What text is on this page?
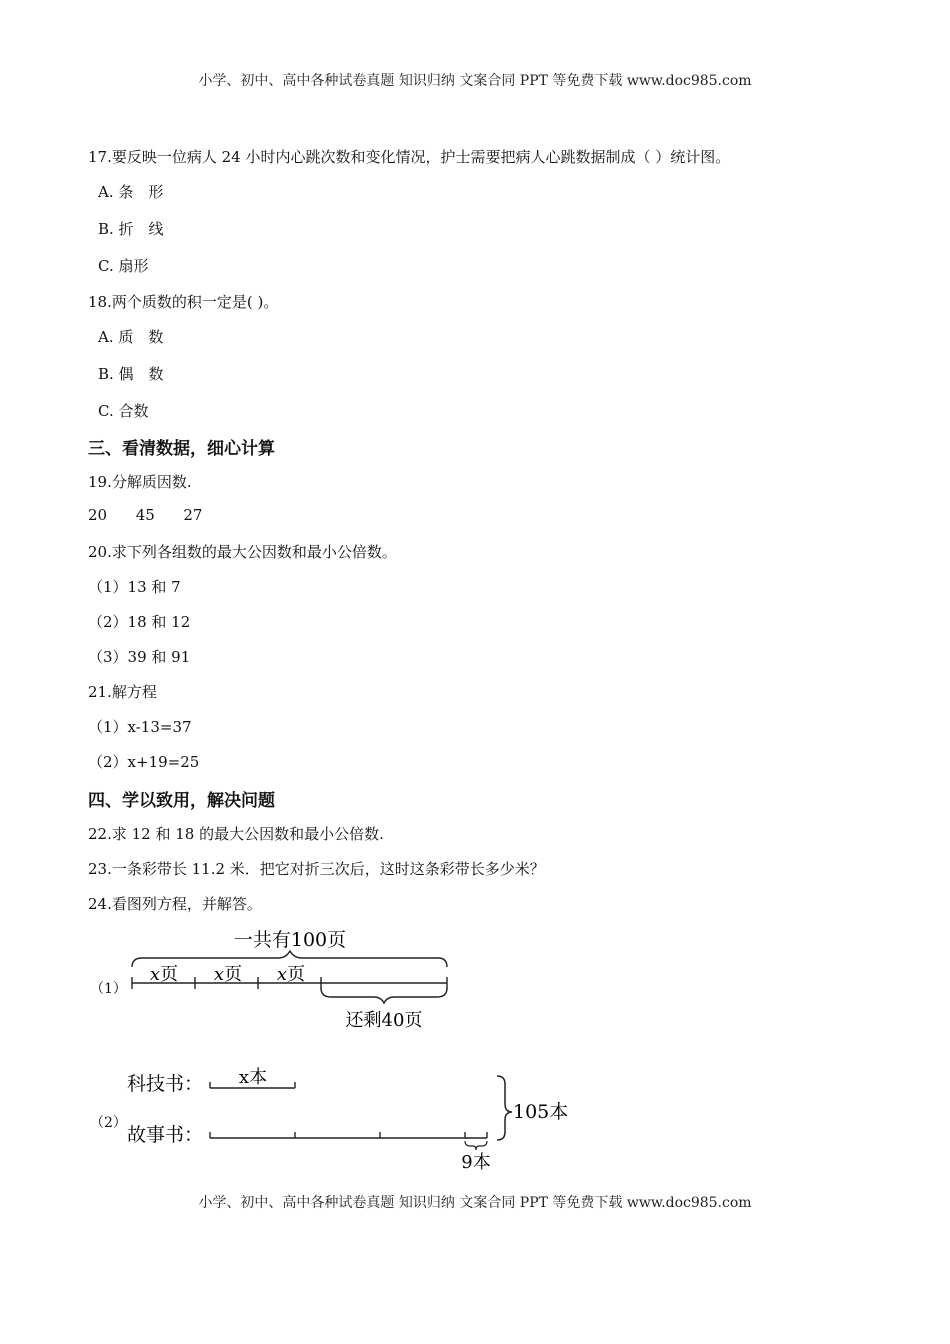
小学、初中、高中各种试卷真题 知识归纳 文案合同 PPT 等免费下载 www.doc985.com
17.要反映一位病人 24 小时内心跳次数和变化情况，护士需要把病人心跳数据制成（ ）统计图。
A. 条　形
B. 折　线
C. 扇形
18.两个质数的积一定是( )。
A. 质　数
B. 偶　数
C. 合数
三、看清数据，细心计算
19.分解质因数.
20      45      27
20.求下列各组数的最大公因数和最小公倍数。
（1）13 和 7
（2）18 和 12
（3）39 和 91
21.解方程
（1）x-13=37
（2）x+19=25
四、学以致用，解决问题
22.求 12 和 18 的最大公因数和最小公倍数.
23.一条彩带长 11.2 米．把它对折三次后，这时这条彩带长多少米？
24.看图列方程，并解答。
（1）
一共有100页
x页 x页 x页
还剩40页
（2）
科技书： x本
故事书：
9本
105本
小学、初中、高中各种试卷真题 知识归纳 文案合同 PPT 等免费下载 www.doc985.com
